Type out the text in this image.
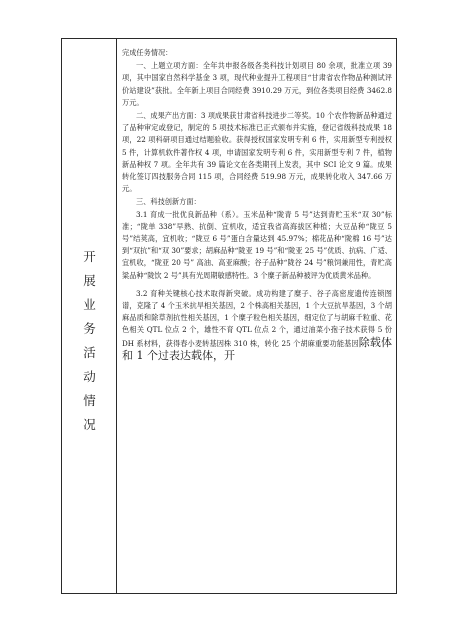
开
展
业
务
活
动
情
况

完成任务情况：

一、上题立项方面：全年共申报各级各类科技计划项目 80 余项，批准立项 39 项，其中国家自然科学基金 3 项，现代种业提升工程项目“甘肃省农作物品种测试评价站建设”获批。全年新上项目合同经费 3910.29 万元，到位各类项目经费 3462.8 万元。

二、成果产出方面：3 项成果获甘肃省科技进步二等奖。10 个农作物新品种通过了品种审定或登记，制定的 5 项技术标准已正式颁布并实施，登记省级科技成果 18 项，22 项科研项目通过结题验收。获得授权国家发明专利 6 件，实用新型专利授权 5 件，计算机软件著作权 4 项，申请国家发明专利 6 件，实用新型专利 7 件，植物新品种权 7 项。全年共有 39 篇论文在各类期刊上发表，其中 SCI 论文 9 篇。成果转化签订四技服务合同 115 项，合同经费 519.98 万元，成果转化收入 347.66 万元。

三、科技创新方面：

3.1 育成一批优良新品种（系）。玉米品种“陇青 5 号”达到青贮玉米“双 30”标准；“陇单 338”早熟、抗倒、宜机收，适宜我省高海拔区种植；大豆品种“陇豆 5 号”结荚高，宜机收；“陇豆 6 号”蛋白含量达到 45.97%；棉花品种“陇棉 16 号”达到“双抗”和“双 30”要求；胡麻品种“陇亚 19 号”和“陇亚 25 号”优质、抗病、广适、宜机收，“陇亚 20 号” 高油、高亚麻酸；谷子品种“陇谷 24 号”粮饲兼用性，青贮高粱品种“陇饮 2 号”具有光周期敏感特性。3 个糜子新品种被评为优质黄米品种。

3.2 育种关键核心技术取得新突破。成功构建了糜子、谷子高密度遗传连锁图谱，克隆了 4 个玉米抗旱相关基因，2 个株高相关基因，1 个大豆抗旱基因，3 个胡麻品质和除草剂抗性相关基因，1 个糜子粒色相关基因，细定位了与胡麻千粒重、花色相关 QTL 位点 2 个，雄性不育 QTL 位点 2 个，通过油菜小孢子技术获得 5 份 DH 系材料，获得春小麦转基因株 310 株，转化 25 个胡麻重要功能基因除载体和 1 个过表达载体，开
